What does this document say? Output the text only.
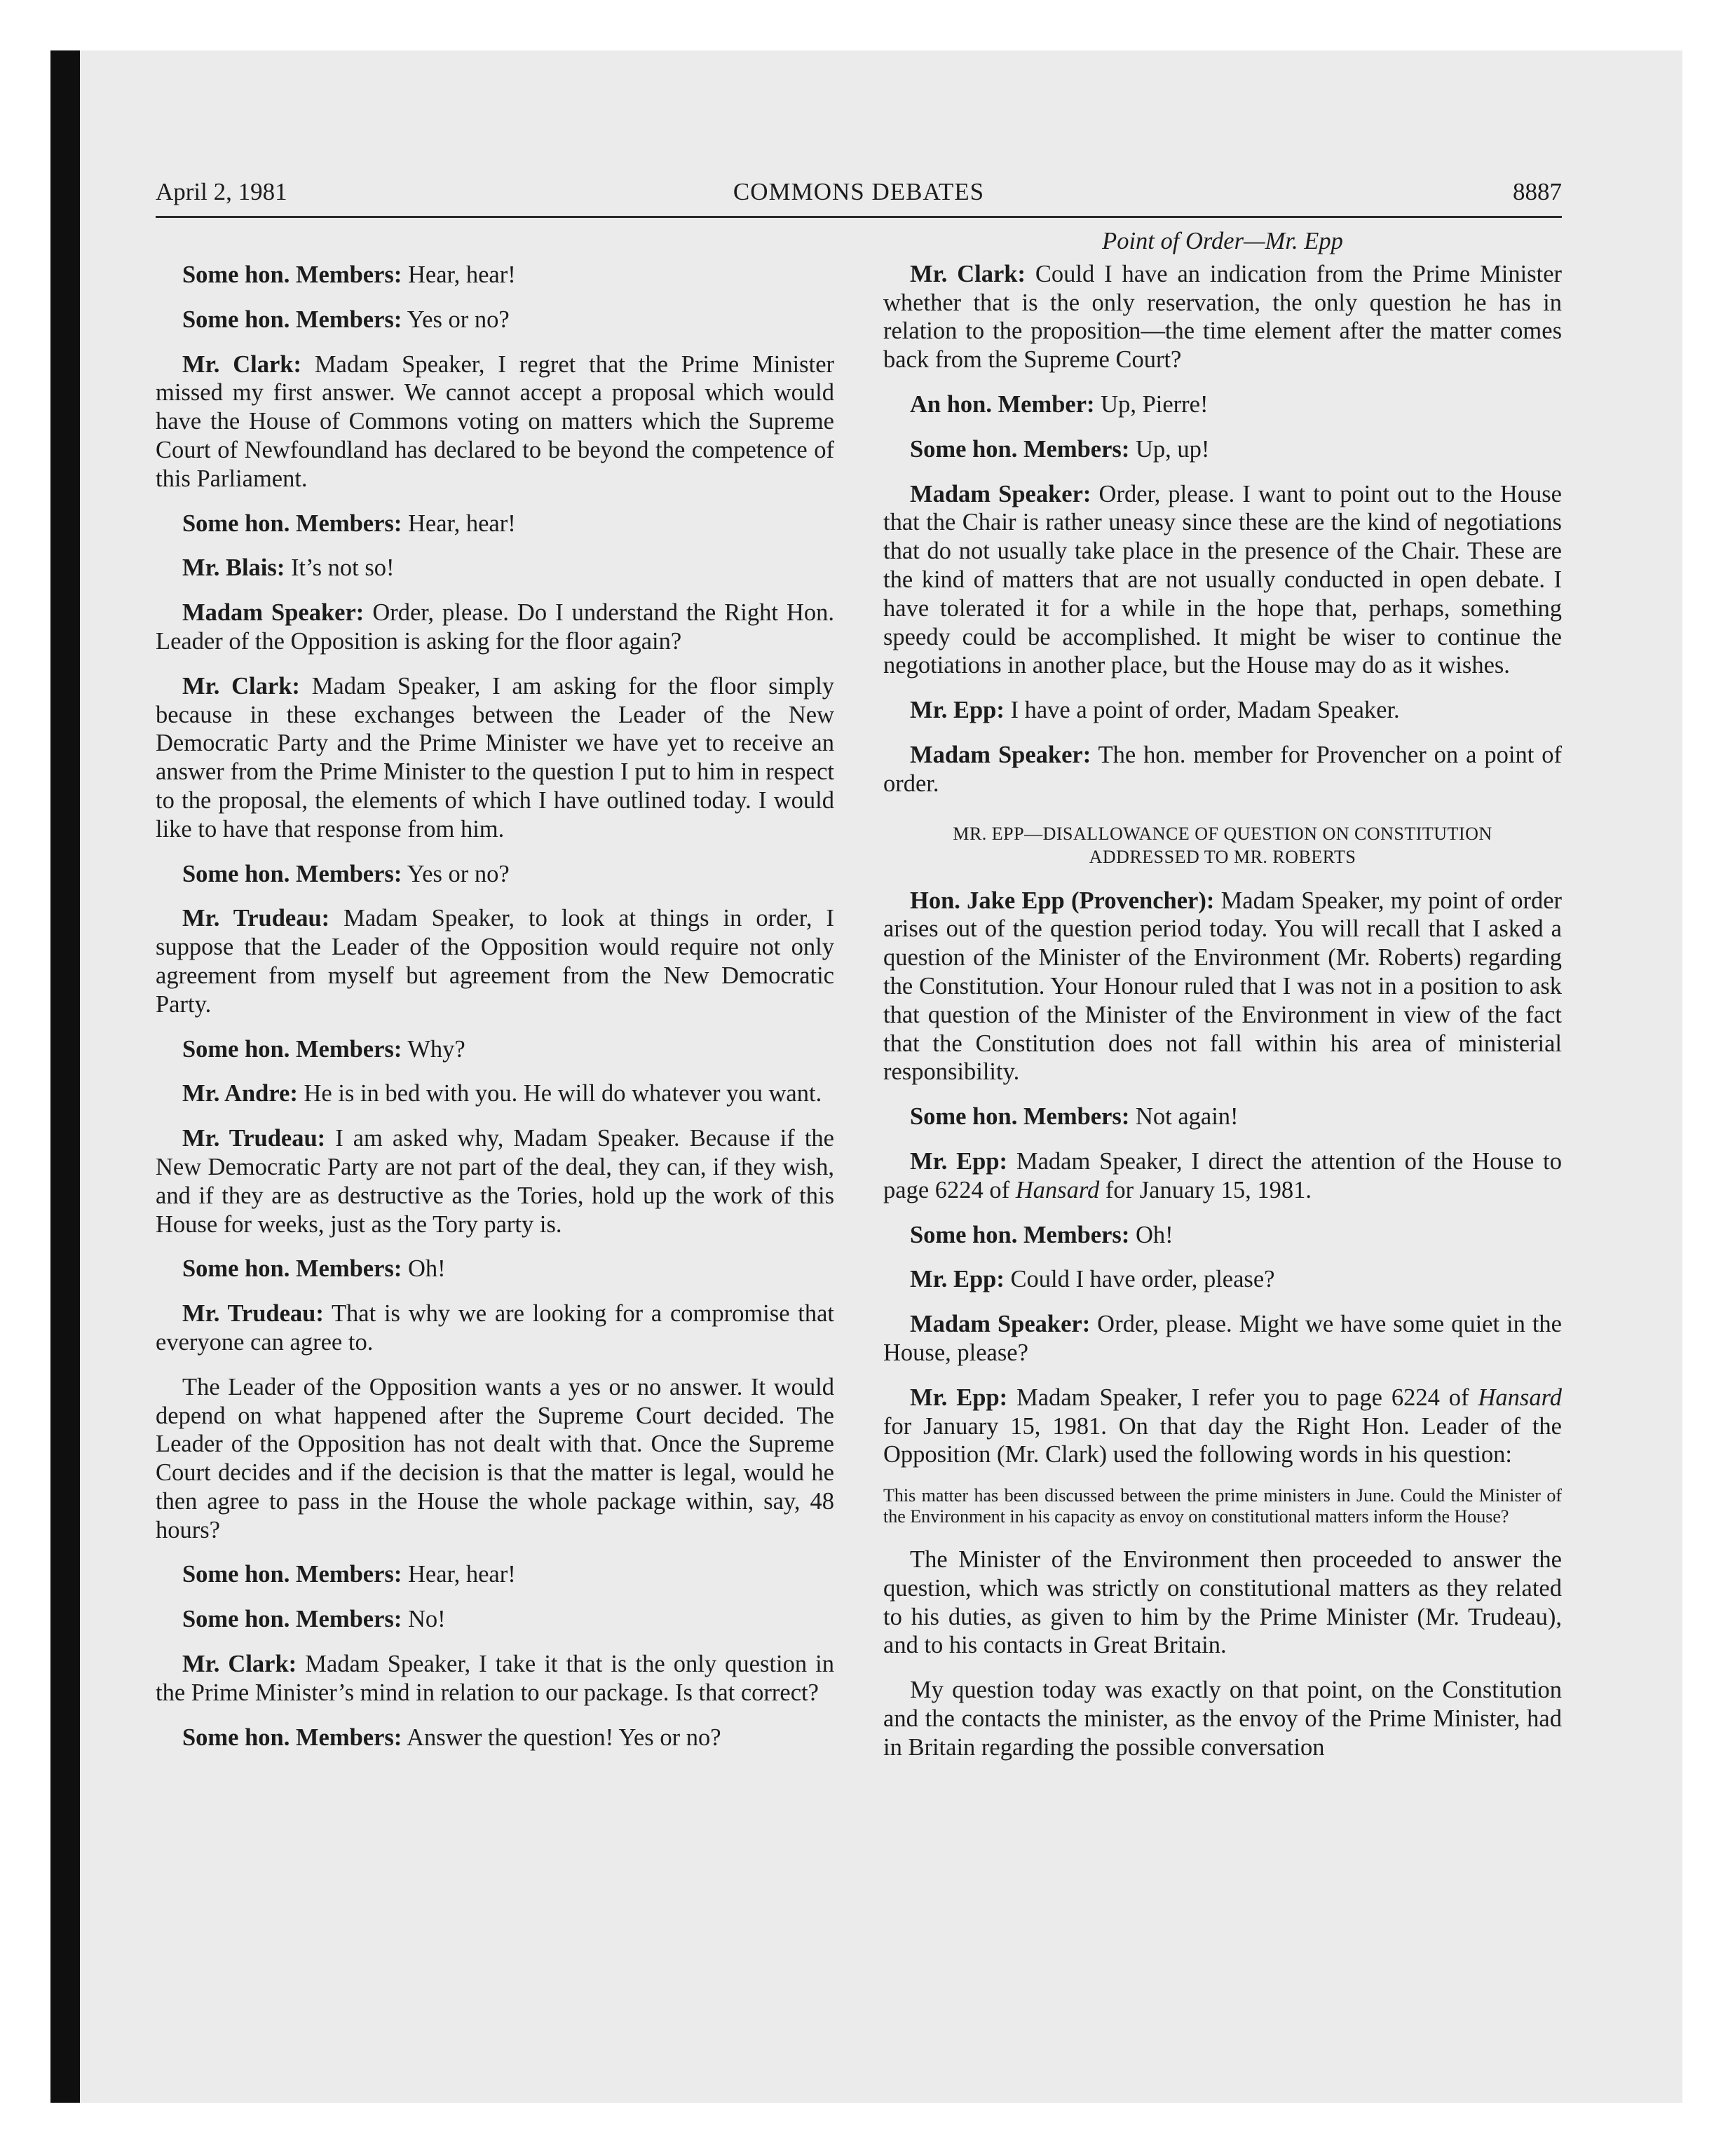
April 2, 1981	COMMONS DEBATES	8887

Some hon. Members: Hear, hear!

Some hon. Members: Yes or no?

Mr. Clark: Madam Speaker, I regret that the Prime Minister missed my first answer. We cannot accept a proposal which would have the House of Commons voting on matters which the Supreme Court of Newfoundland has declared to be beyond the competence of this Parliament.

Some hon. Members: Hear, hear!

Mr. Blais: It’s not so!

Madam Speaker: Order, please. Do I understand the Right Hon. Leader of the Opposition is asking for the floor again?

Mr. Clark: Madam Speaker, I am asking for the floor simply because in these exchanges between the Leader of the New Democratic Party and the Prime Minister we have yet to receive an answer from the Prime Minister to the question I put to him in respect to the proposal, the elements of which I have outlined today. I would like to have that response from him.

Some hon. Members: Yes or no?

Mr. Trudeau: Madam Speaker, to look at things in order, I suppose that the Leader of the Opposition would require not only agreement from myself but agreement from the New Democratic Party.

Some hon. Members: Why?

Mr. Andre: He is in bed with you. He will do whatever you want.

Mr. Trudeau: I am asked why, Madam Speaker. Because if the New Democratic Party are not part of the deal, they can, if they wish, and if they are as destructive as the Tories, hold up the work of this House for weeks, just as the Tory party is.

Some hon. Members: Oh!

Mr. Trudeau: That is why we are looking for a compromise that everyone can agree to.

The Leader of the Opposition wants a yes or no answer. It would depend on what happened after the Supreme Court decided. The Leader of the Opposition has not dealt with that. Once the Supreme Court decides and if the decision is that the matter is legal, would he then agree to pass in the House the whole package within, say, 48 hours?

Some hon. Members: Hear, hear!

Some hon. Members: No!

Mr. Clark: Madam Speaker, I take it that is the only question in the Prime Minister’s mind in relation to our package. Is that correct?

Some hon. Members: Answer the question! Yes or no?

Point of Order—Mr. Epp

Mr. Clark: Could I have an indication from the Prime Minister whether that is the only reservation, the only question he has in relation to the proposition—the time element after the matter comes back from the Supreme Court?

An hon. Member: Up, Pierre!

Some hon. Members: Up, up!

Madam Speaker: Order, please. I want to point out to the House that the Chair is rather uneasy since these are the kind of negotiations that do not usually take place in the presence of the Chair. These are the kind of matters that are not usually conducted in open debate. I have tolerated it for a while in the hope that, perhaps, something speedy could be accomplished. It might be wiser to continue the negotiations in another place, but the House may do as it wishes.

Mr. Epp: I have a point of order, Madam Speaker.

Madam Speaker: The hon. member for Provencher on a point of order.

MR. EPP—DISALLOWANCE OF QUESTION ON CONSTITUTION
ADDRESSED TO MR. ROBERTS

Hon. Jake Epp (Provencher): Madam Speaker, my point of order arises out of the question period today. You will recall that I asked a question of the Minister of the Environment (Mr. Roberts) regarding the Constitution. Your Honour ruled that I was not in a position to ask that question of the Minister of the Environment in view of the fact that the Constitution does not fall within his area of ministerial responsibility.

Some hon. Members: Not again!

Mr. Epp: Madam Speaker, I direct the attention of the House to page 6224 of Hansard for January 15, 1981.

Some hon. Members: Oh!

Mr. Epp: Could I have order, please?

Madam Speaker: Order, please. Might we have some quiet in the House, please?

Mr. Epp: Madam Speaker, I refer you to page 6224 of Hansard for January 15, 1981. On that day the Right Hon. Leader of the Opposition (Mr. Clark) used the following words in his question:

This matter has been discussed between the prime ministers in June. Could the Minister of the Environment in his capacity as envoy on constitutional matters inform the House?

The Minister of the Environment then proceeded to answer the question, which was strictly on constitutional matters as they related to his duties, as given to him by the Prime Minister (Mr. Trudeau), and to his contacts in Great Britain.

My question today was exactly on that point, on the Constitution and the contacts the minister, as the envoy of the Prime Minister, had in Britain regarding the possible conversation
